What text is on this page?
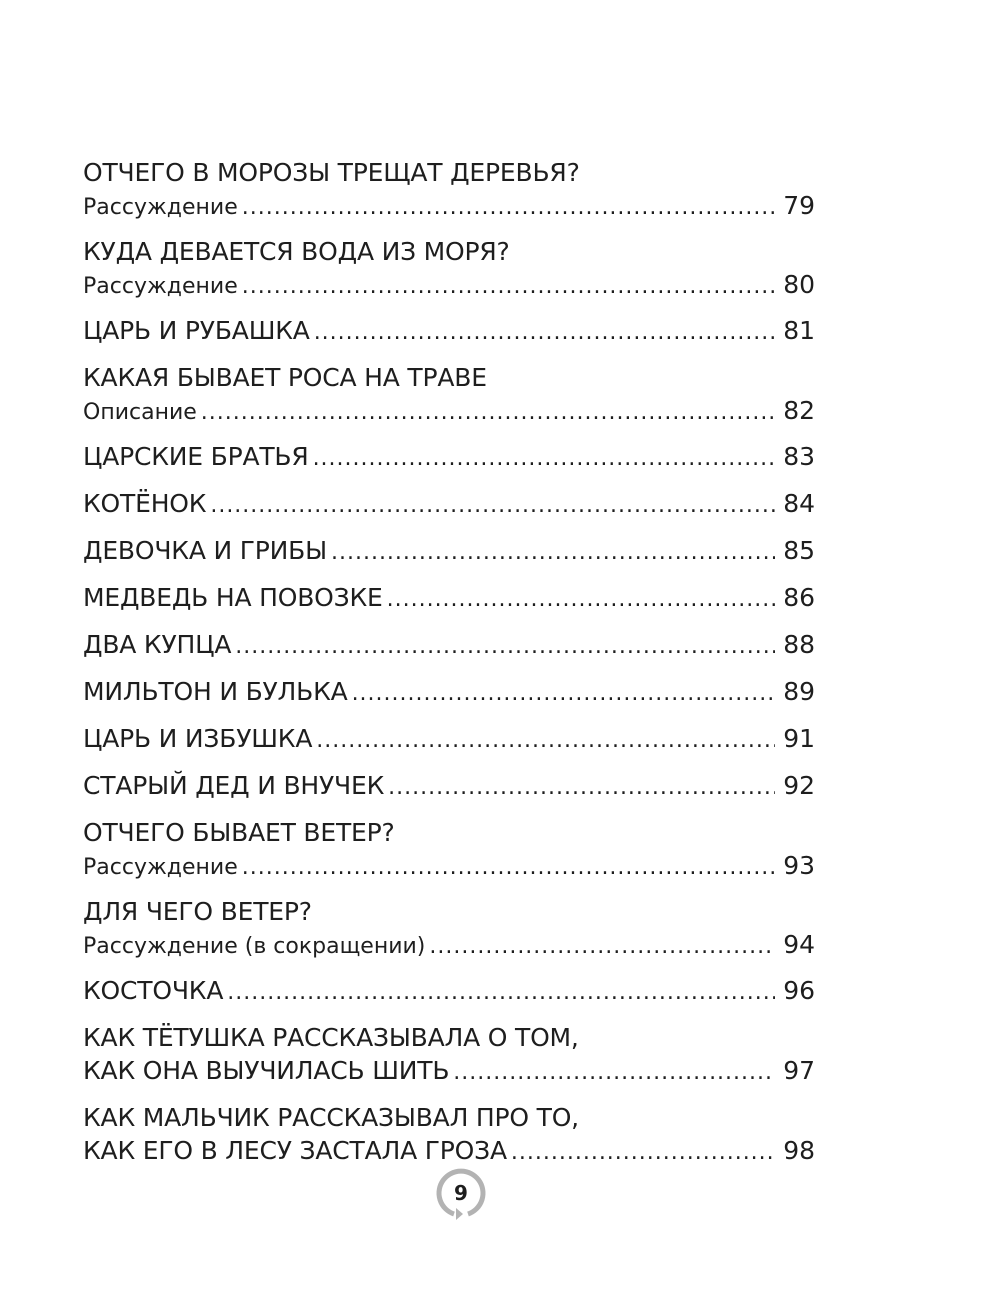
ОТЧЕГО В МОРОЗЫ ТРЕЩАТ ДЕРЕВЬЯ?
Рассуждение .....	79
КУДА ДЕВАЕТСЯ ВОДА ИЗ МОРЯ?
Рассуждение .....	80
ЦАРЬ И РУБАШКА .....	81
КАКАЯ БЫВАЕТ РОСА НА ТРАВЕ
Описание .....	82
ЦАРСКИЕ БРАТЬЯ .....	83
КОТЁНОК .....	84
ДЕВОЧКА И ГРИБЫ .....	85
МЕДВЕДЬ НА ПОВОЗКЕ .....	86
ДВА КУПЦА .....	88
МИЛЬТОН И БУЛЬКА .....	89
ЦАРЬ И ИЗБУШКА .....	91
СТАРЫЙ ДЕД И ВНУЧЕК .....	92
ОТЧЕГО БЫВАЕТ ВЕТЕР?
Рассуждение .....	93
ДЛЯ ЧЕГО ВЕТЕР?
Рассуждение (в сокращении) .....	94
КОСТОЧКА .....	96
КАК ТЁТУШКА РАССКАЗЫВАЛА О ТОМ,
КАК ОНА ВЫУЧИЛАСЬ ШИТЬ .....	97
КАК МАЛЬЧИК РАССКАЗЫВАЛ ПРО ТО,
КАК ЕГО В ЛЕСУ ЗАСТАЛА ГРОЗА .....	98
9
